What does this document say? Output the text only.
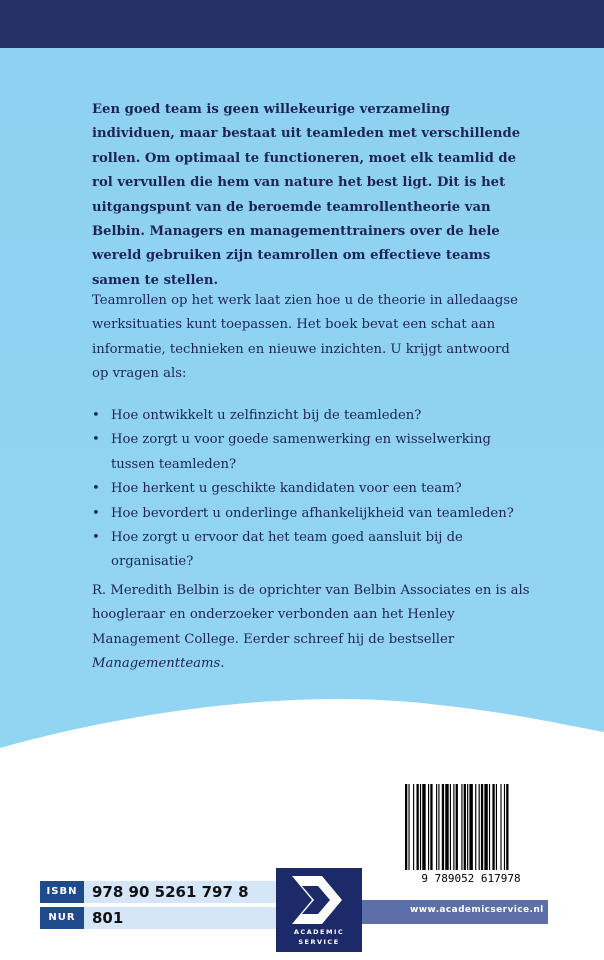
Een goed team is geen willekeurige verzameling individuen, maar bestaat uit teamleden met verschillende rollen. Om optimaal te functioneren, moet elk teamlid de rol vervullen die hem van nature het best ligt. Dit is het uitgangspunt van de beroemde teamrollentheorie van Belbin. Managers en managementtrainers over de hele wereld gebruiken zijn teamrollen om effectieve teams samen te stellen.
Teamrollen op het werk laat zien hoe u de theorie in alledaagse werksituaties kunt toepassen. Het boek bevat een schat aan informatie, technieken en nieuwe inzichten. U krijgt antwoord op vragen als:
• Hoe ontwikkelt u zelfinzicht bij de teamleden?
• Hoe zorgt u voor goede samenwerking en wisselwerking tussen teamleden?
• Hoe herkent u geschikte kandidaten voor een team?
• Hoe bevordert u onderlinge afhankelijkheid van teamleden?
• Hoe zorgt u ervoor dat het team goed aansluit bij de organisatie?
R. Meredith Belbin is de oprichter van Belbin Associates en is als hoogleraar en onderzoeker verbonden aan het Henley Management College. Eerder schreef hij de bestseller Managementteams.
9 789052 617978
ISBN 978 90 5261 797 8
NUR	801
ACADEMIC
SERVICE
www.academicservice.nl
